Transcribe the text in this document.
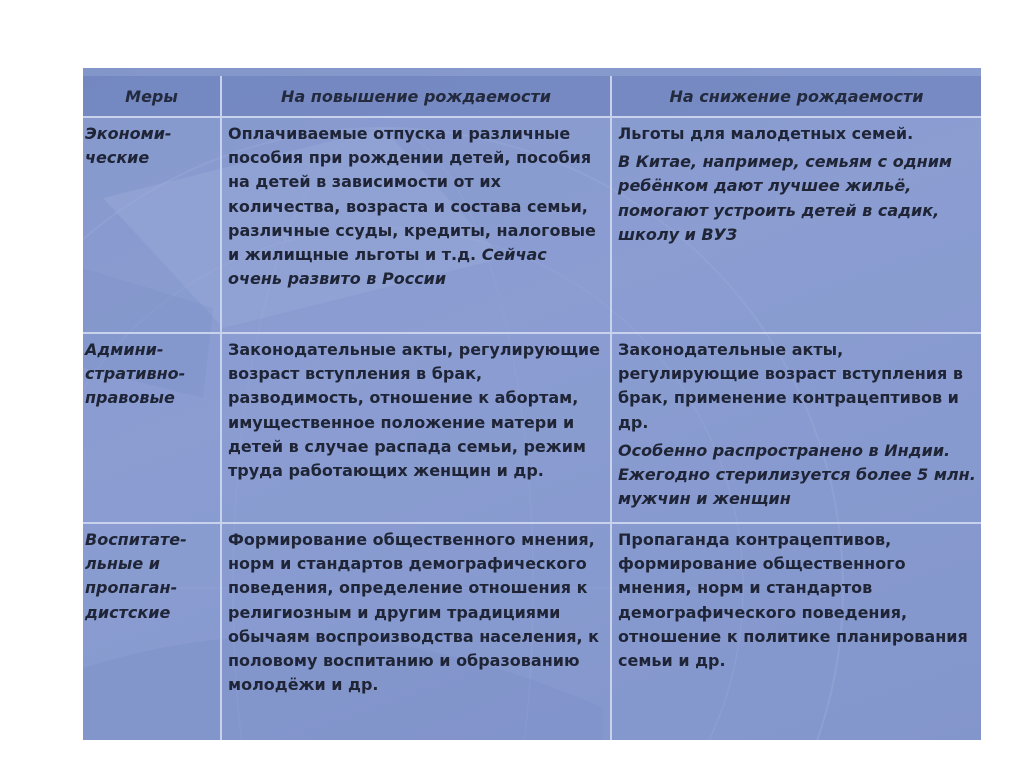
Меры	На повышение рождаемости	На снижение рождаемости

Экономи-ческие	Оплачиваемые отпуска и различные пособия при рождении детей, пособия на детей в зависимости от их количества, возраста и состава семьи, различные ссуды, кредиты, налоговые и жилищные льготы и т.д. Сейчас очень развито в России	Льготы для малодетных семей.

В Китае, например, семьям с одним ребёнком дают лучшее жильё, помогают устроить детей в садик, школу и ВУЗ

Админи-стративно-правовые	Законодательные акты, регулирующие возраст вступления в брак, разводимость, отношение к абортам, имущественное положение матери и детей в случае распада семьи, режим труда работающих женщин и др.	Законодательные акты, регулирующие возраст вступления в брак, применение контрацептивов и др.

Особенно распространено в Индии. Ежегодно стерилизуется более 5 млн. мужчин и женщин

Воспитате-льные и пропаган-дистские	Формирование общественного мнения, норм и стандартов демографического поведения, определение отношения к религиозным и другим традициями обычаям воспроизводства населения, к половому воспитанию и образованию молодёжи и др.	Пропаганда контрацептивов, формирование общественного мнения, норм и стандартов демографического поведения, отношение к политике планирования семьи и др.
